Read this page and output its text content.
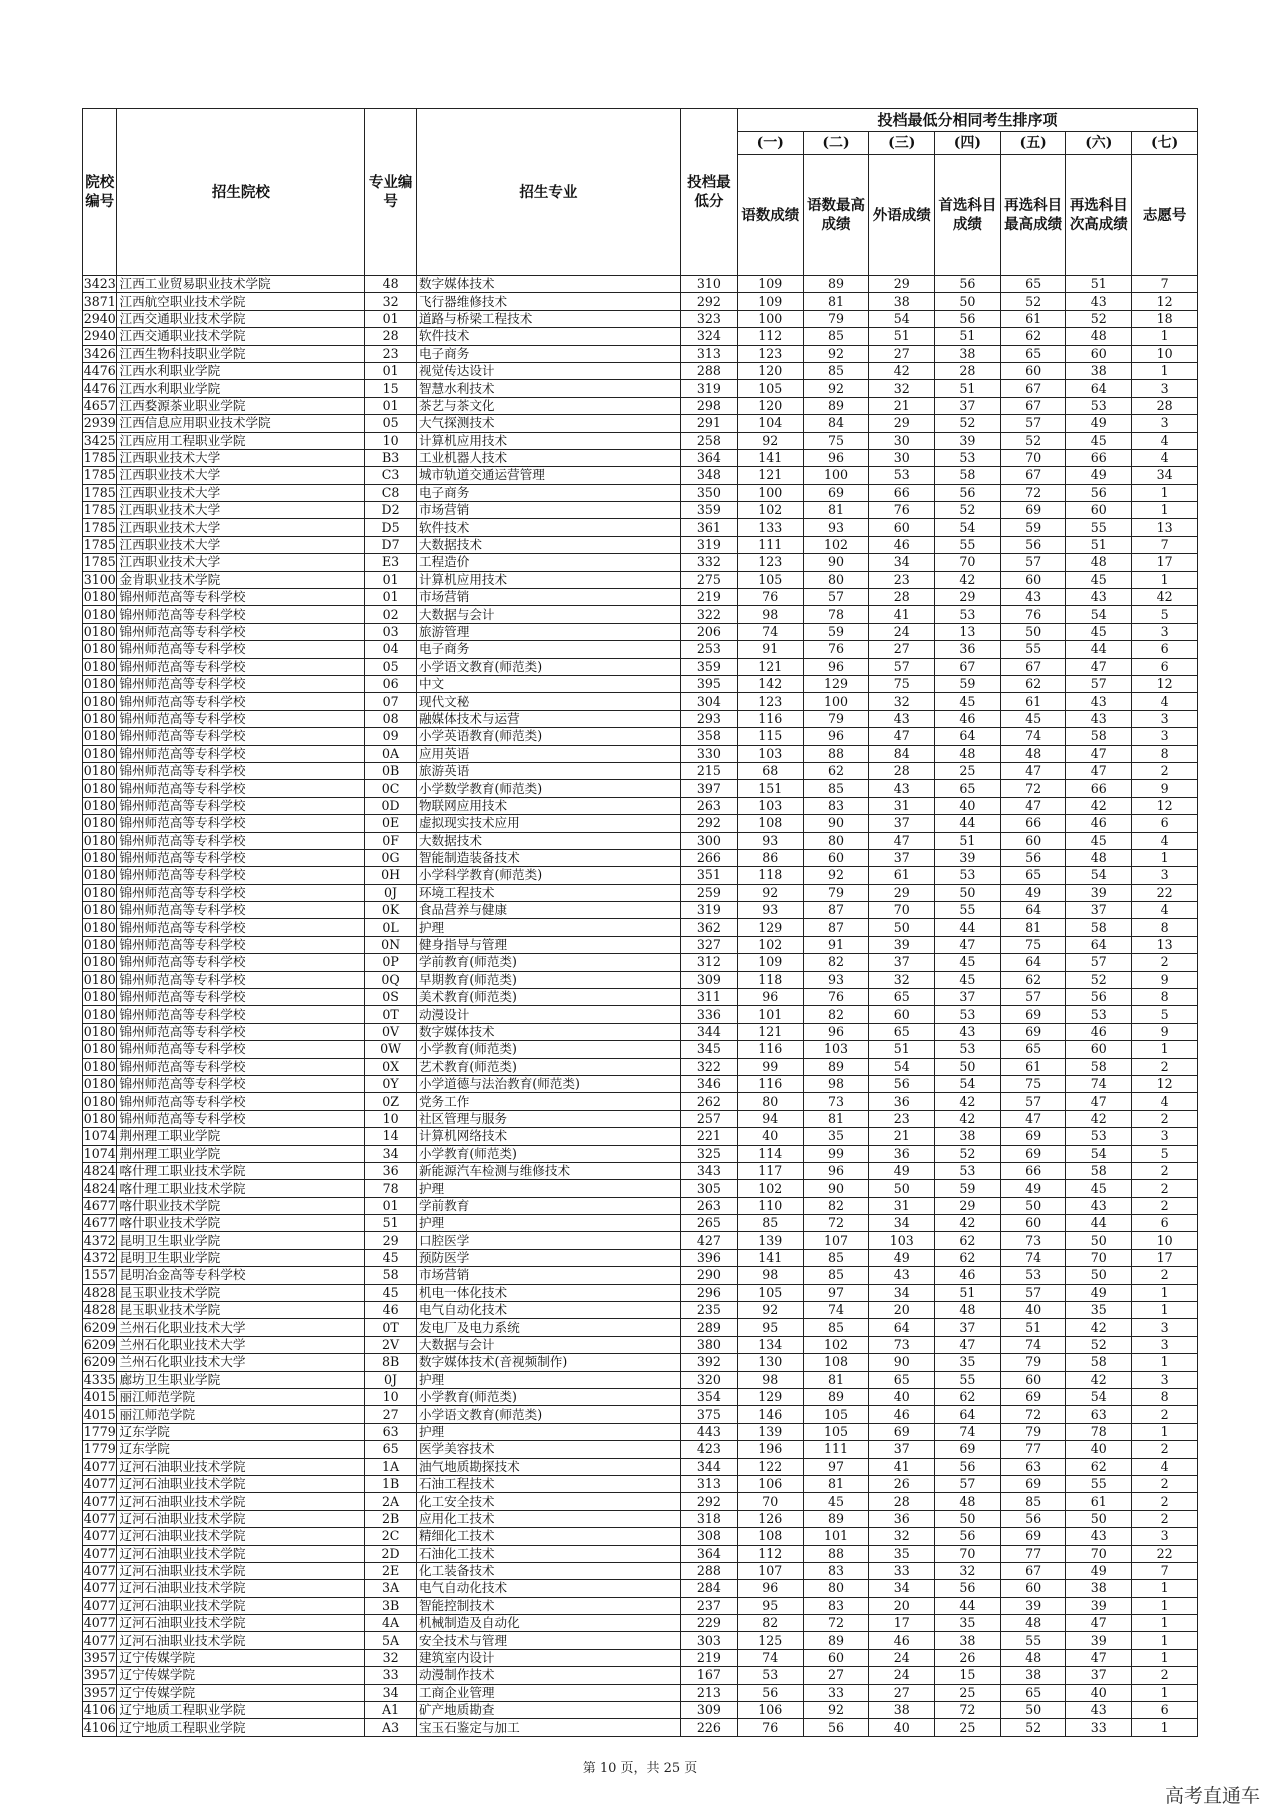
院校编号	招生院校	专业编号	招生专业	投档最低分	投档最低分相同考生排序项						
					(一)	(二)	(三)	(四)	(五)	(六)	(七)
					语数成绩	语数最高成绩	外语成绩	首选科目成绩	再选科目最高成绩	再选科目次高成绩	志愿号
3423	江西工业贸易职业技术学院	48	数字媒体技术	310	109	89	29	56	65	51	7
3871	江西航空职业技术学院	32	飞行器维修技术	292	109	81	38	50	52	43	12
2940	江西交通职业技术学院	01	道路与桥梁工程技术	323	100	79	54	56	61	52	18
2940	江西交通职业技术学院	28	软件技术	324	112	85	51	51	62	48	1
3426	江西生物科技职业学院	23	电子商务	313	123	92	27	38	65	60	10
4476	江西水利职业学院	01	视觉传达设计	288	120	85	42	28	60	38	1
4476	江西水利职业学院	15	智慧水利技术	319	105	92	32	51	67	64	3
4657	江西婺源茶业职业学院	01	茶艺与茶文化	298	120	89	21	37	67	53	28
2939	江西信息应用职业技术学院	05	大气探测技术	291	104	84	29	52	57	49	3
3425	江西应用工程职业学院	10	计算机应用技术	258	92	75	30	39	52	45	4
1785	江西职业技术大学	B3	工业机器人技术	364	141	96	30	53	70	66	4
1785	江西职业技术大学	C3	城市轨道交通运营管理	348	121	100	53	58	67	49	34
1785	江西职业技术大学	C8	电子商务	350	100	69	66	56	72	56	1
1785	江西职业技术大学	D2	市场营销	359	102	81	76	52	69	60	1
1785	江西职业技术大学	D5	软件技术	361	133	93	60	54	59	55	13
1785	江西职业技术大学	D7	大数据技术	319	111	102	46	55	56	51	7
1785	江西职业技术大学	E3	工程造价	332	123	90	34	70	57	48	17
3100	金肯职业技术学院	01	计算机应用技术	275	105	80	23	42	60	45	1
0180	锦州师范高等专科学校	01	市场营销	219	76	57	28	29	43	43	42
0180	锦州师范高等专科学校	02	大数据与会计	322	98	78	41	53	76	54	5
0180	锦州师范高等专科学校	03	旅游管理	206	74	59	24	13	50	45	3
0180	锦州师范高等专科学校	04	电子商务	253	91	76	27	36	55	44	6
0180	锦州师范高等专科学校	05	小学语文教育(师范类)	359	121	96	57	67	67	47	6
0180	锦州师范高等专科学校	06	中文	395	142	129	75	59	62	57	12
0180	锦州师范高等专科学校	07	现代文秘	304	123	100	32	45	61	43	4
0180	锦州师范高等专科学校	08	融媒体技术与运营	293	116	79	43	46	45	43	3
0180	锦州师范高等专科学校	09	小学英语教育(师范类)	358	115	96	47	64	74	58	3
0180	锦州师范高等专科学校	0A	应用英语	330	103	88	84	48	48	47	8
0180	锦州师范高等专科学校	0B	旅游英语	215	68	62	28	25	47	47	2
0180	锦州师范高等专科学校	0C	小学数学教育(师范类)	397	151	85	43	65	72	66	9
0180	锦州师范高等专科学校	0D	物联网应用技术	263	103	83	31	40	47	42	12
0180	锦州师范高等专科学校	0E	虚拟现实技术应用	292	108	90	37	44	66	46	6
0180	锦州师范高等专科学校	0F	大数据技术	300	93	80	47	51	60	45	4
0180	锦州师范高等专科学校	0G	智能制造装备技术	266	86	60	37	39	56	48	1
0180	锦州师范高等专科学校	0H	小学科学教育(师范类)	351	118	92	61	53	65	54	3
0180	锦州师范高等专科学校	0J	环境工程技术	259	92	79	29	50	49	39	22
0180	锦州师范高等专科学校	0K	食品营养与健康	319	93	87	70	55	64	37	4
0180	锦州师范高等专科学校	0L	护理	362	129	87	50	44	81	58	8
0180	锦州师范高等专科学校	0N	健身指导与管理	327	102	91	39	47	75	64	13
0180	锦州师范高等专科学校	0P	学前教育(师范类)	312	109	82	37	45	64	57	2
0180	锦州师范高等专科学校	0Q	早期教育(师范类)	309	118	93	32	45	62	52	9
0180	锦州师范高等专科学校	0S	美术教育(师范类)	311	96	76	65	37	57	56	8
0180	锦州师范高等专科学校	0T	动漫设计	336	101	82	60	53	69	53	5
0180	锦州师范高等专科学校	0V	数字媒体技术	344	121	96	65	43	69	46	9
0180	锦州师范高等专科学校	0W	小学教育(师范类)	345	116	103	51	53	65	60	1
0180	锦州师范高等专科学校	0X	艺术教育(师范类)	322	99	89	54	50	61	58	2
0180	锦州师范高等专科学校	0Y	小学道德与法治教育(师范类)	346	116	98	56	54	75	74	12
0180	锦州师范高等专科学校	0Z	党务工作	262	80	73	36	42	57	47	4
0180	锦州师范高等专科学校	10	社区管理与服务	257	94	81	23	42	47	42	2
1074	荆州理工职业学院	14	计算机网络技术	221	40	35	21	38	69	53	3
1074	荆州理工职业学院	34	小学教育(师范类)	325	114	99	36	52	69	54	5
4824	喀什理工职业技术学院	36	新能源汽车检测与维修技术	343	117	96	49	53	66	58	2
4824	喀什理工职业技术学院	78	护理	305	102	90	50	59	49	45	2
4677	喀什职业技术学院	01	学前教育	263	110	82	31	29	50	43	2
4677	喀什职业技术学院	51	护理	265	85	72	34	42	60	44	6
4372	昆明卫生职业学院	29	口腔医学	427	139	107	103	62	73	50	10
4372	昆明卫生职业学院	45	预防医学	396	141	85	49	62	74	70	17
1557	昆明冶金高等专科学校	58	市场营销	290	98	85	43	46	53	50	2
4828	昆玉职业技术学院	45	机电一体化技术	296	105	97	34	51	57	49	1
4828	昆玉职业技术学院	46	电气自动化技术	235	92	74	20	48	40	35	1
6209	兰州石化职业技术大学	0T	发电厂及电力系统	289	95	85	64	37	51	42	3
6209	兰州石化职业技术大学	2V	大数据与会计	380	134	102	73	47	74	52	3
6209	兰州石化职业技术大学	8B	数字媒体技术(音视频制作)	392	130	108	90	35	79	58	1
4335	廊坊卫生职业学院	0J	护理	320	98	81	65	55	60	42	3
4015	丽江师范学院	10	小学教育(师范类)	354	129	89	40	62	69	54	8
4015	丽江师范学院	27	小学语文教育(师范类)	375	146	105	46	64	72	63	2
1779	辽东学院	63	护理	443	139	105	69	74	79	78	1
1779	辽东学院	65	医学美容技术	423	196	111	37	69	77	40	2
4077	辽河石油职业技术学院	1A	油气地质勘探技术	344	122	97	41	56	63	62	4
4077	辽河石油职业技术学院	1B	石油工程技术	313	106	81	26	57	69	55	2
4077	辽河石油职业技术学院	2A	化工安全技术	292	70	45	28	48	85	61	2
4077	辽河石油职业技术学院	2B	应用化工技术	318	126	89	36	50	56	50	2
4077	辽河石油职业技术学院	2C	精细化工技术	308	108	101	32	56	69	43	3
4077	辽河石油职业技术学院	2D	石油化工技术	364	112	88	35	70	77	70	22
4077	辽河石油职业技术学院	2E	化工装备技术	288	107	83	33	32	67	49	7
4077	辽河石油职业技术学院	3A	电气自动化技术	284	96	80	34	56	60	38	1
4077	辽河石油职业技术学院	3B	智能控制技术	237	95	83	20	44	39	39	1
4077	辽河石油职业技术学院	4A	机械制造及自动化	229	82	72	17	35	48	47	1
4077	辽河石油职业技术学院	5A	安全技术与管理	303	125	89	46	38	55	39	1
3957	辽宁传媒学院	32	建筑室内设计	219	74	60	24	26	48	47	1
3957	辽宁传媒学院	33	动漫制作技术	167	53	27	24	15	38	37	2
3957	辽宁传媒学院	34	工商企业管理	213	56	33	27	25	65	40	1
4106	辽宁地质工程职业学院	A1	矿产地质勘查	309	106	92	38	72	50	43	6
4106	辽宁地质工程职业学院	A3	宝玉石鉴定与加工	226	76	56	40	25	52	33	1
第 10 页，共 25 页
高考直通车
